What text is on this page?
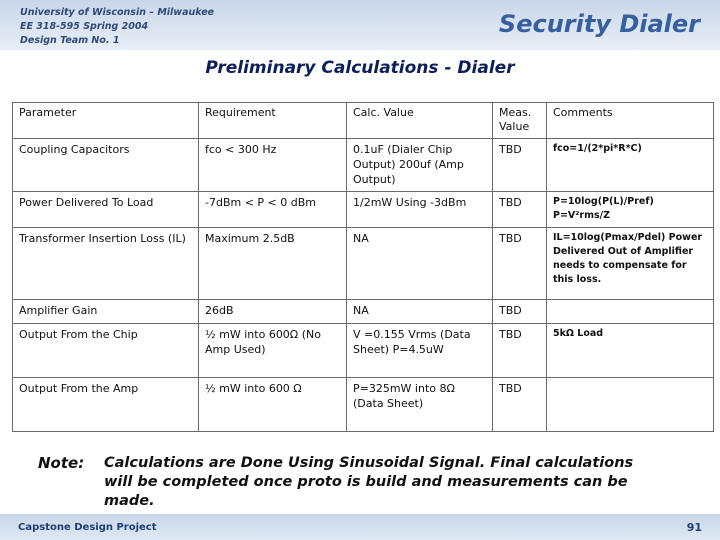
University of Wisconsin – Milwaukee
EE 318-595 Spring 2004
Design Team No. 1
Security Dialer
Preliminary Calculations - Dialer
Parameter	Requirement	Calc. Value	Meas. Value	Comments
Coupling Capacitors	fco < 300 Hz	0.1uF (Dialer Chip Output) 200uf (Amp Output)	TBD	fco=1/(2*pi*R*C)
Power Delivered To Load	-7dBm < P < 0 dBm	1/2mW Using -3dBm	TBD	P=10log(P(L)/Pref) P=V²rms/Z
Transformer Insertion Loss (IL)	Maximum 2.5dB	NA	TBD	IL=10log(Pmax/Pdel) Power Delivered Out of Amplifier needs to compensate for this loss.
Amplifier Gain	26dB	NA	TBD	
Output From the Chip	½ mW into 600Ω (No Amp Used)	V =0.155 Vrms (Data Sheet) P=4.5uW	TBD	5kΩ Load
Output From the Amp	½ mW into 600 Ω	P=325mW into 8Ω (Data Sheet)	TBD	
Note: Calculations are Done Using Sinusoidal Signal. Final calculations will be completed once proto is build and measurements can be made.
Capstone Design Project	91
